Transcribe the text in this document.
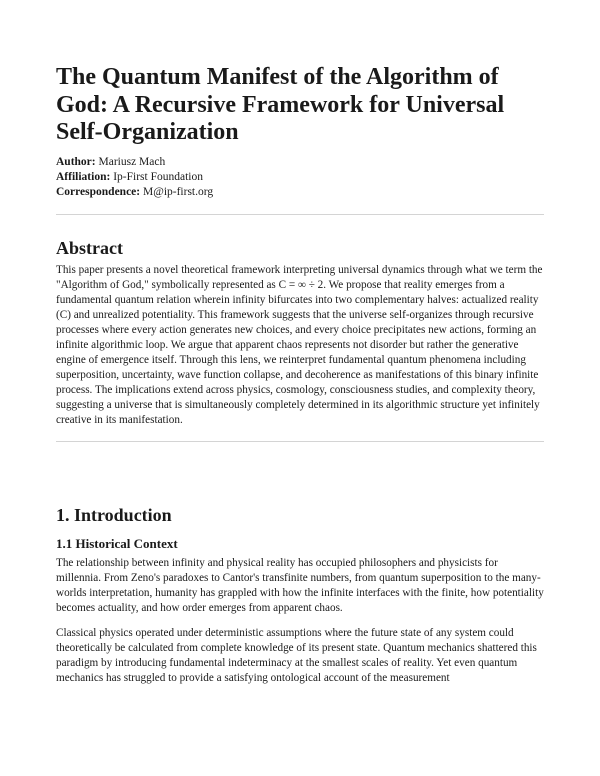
The Quantum Manifest of the Algorithm of God: A Recursive Framework for Universal Self-Organization
Author: Mariusz Mach
Affiliation: Ip-First Foundation
Correspondence: M@ip-first.org
Abstract

This paper presents a novel theoretical framework interpreting universal dynamics through what we term the "Algorithm of God," symbolically represented as C = ∞ ÷ 2. We propose that reality emerges from a fundamental quantum relation wherein infinity bifurcates into two complementary halves: actualized reality (C) and unrealized potentiality. This framework suggests that the universe self-organizes through recursive processes where every action generates new choices, and every choice precipitates new actions, forming an infinite algorithmic loop. We argue that apparent chaos represents not disorder but rather the generative engine of emergence itself. Through this lens, we reinterpret fundamental quantum phenomena including superposition, uncertainty, wave function collapse, and decoherence as manifestations of this binary infinite process. The implications extend across physics, cosmology, consciousness studies, and complexity theory, suggesting a universe that is simultaneously completely determined in its algorithmic structure yet infinitely creative in its manifestation.

1. Introduction
1.1 Historical Context

The relationship between infinity and physical reality has occupied philosophers and physicists for millennia. From Zeno's paradoxes to Cantor's transfinite numbers, from quantum superposition to the many-worlds interpretation, humanity has grappled with how the infinite interfaces with the finite, how potentiality becomes actuality, and how order emerges from apparent chaos.

Classical physics operated under deterministic assumptions where the future state of any system could theoretically be calculated from complete knowledge of its present state. Quantum mechanics shattered this paradigm by introducing fundamental indeterminacy at the smallest scales of reality. Yet even quantum mechanics has struggled to provide a satisfying ontological account of the measurement
